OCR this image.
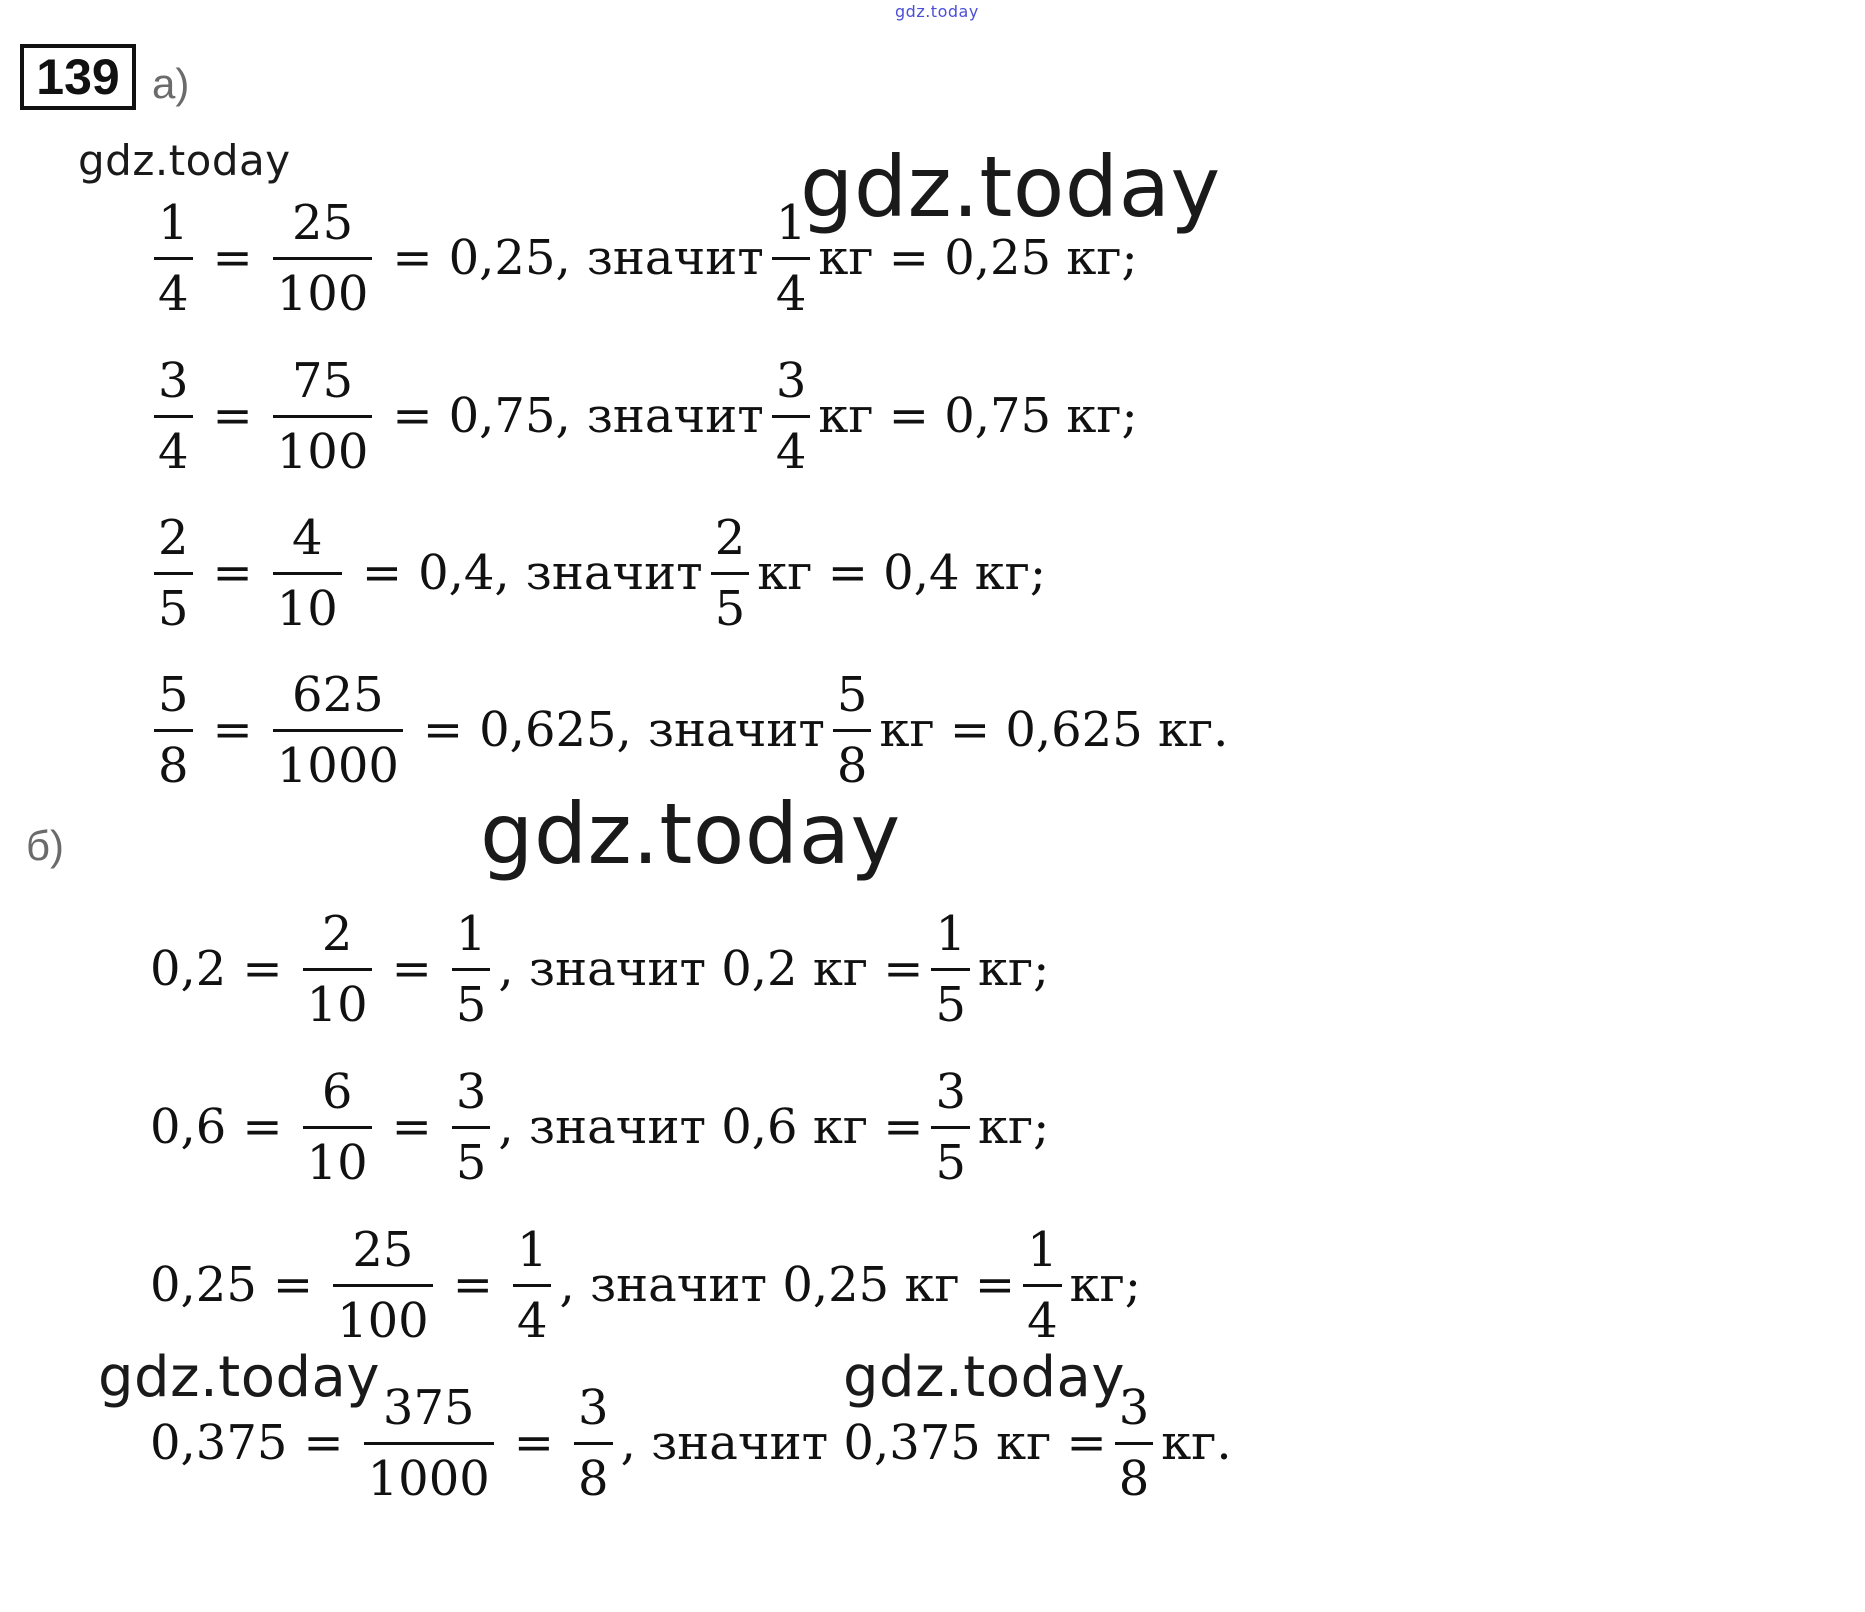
gdz.today
139 а)
gdz.today	gdz.today
gdz.today
gdz.today	gdz.today
$\frac{1}{4} = \frac{25}{100} = 0,25$, значит $\frac{1}{4}$ кг = 0,25 кг;
$\frac{3}{4} = \frac{75}{100} = 0,75$, значит $\frac{3}{4}$ кг = 0,75 кг;
$\frac{2}{5} = \frac{4}{10} = 0,4$, значит $\frac{2}{5}$ кг = 0,4 кг;
$\frac{5}{8} = \frac{625}{1000} = 0,625$, значит $\frac{5}{8}$ кг = 0,625 кг.
б)
$0,2 = \frac{2}{10} = \frac{1}{5}$ , значит 0,2 кг = $\frac{1}{5}$ кг;
$0,6 = \frac{6}{10} = \frac{3}{5}$ , значит 0,6 кг = $\frac{3}{5}$ кг;
$0,25 = \frac{25}{100} = \frac{1}{4}$ , значит 0,25 кг = $\frac{1}{4}$ кг;
$0,375 = \frac{375}{1000} = \frac{3}{8}$ , значит 0,375 кг = $\frac{3}{8}$ кг.
